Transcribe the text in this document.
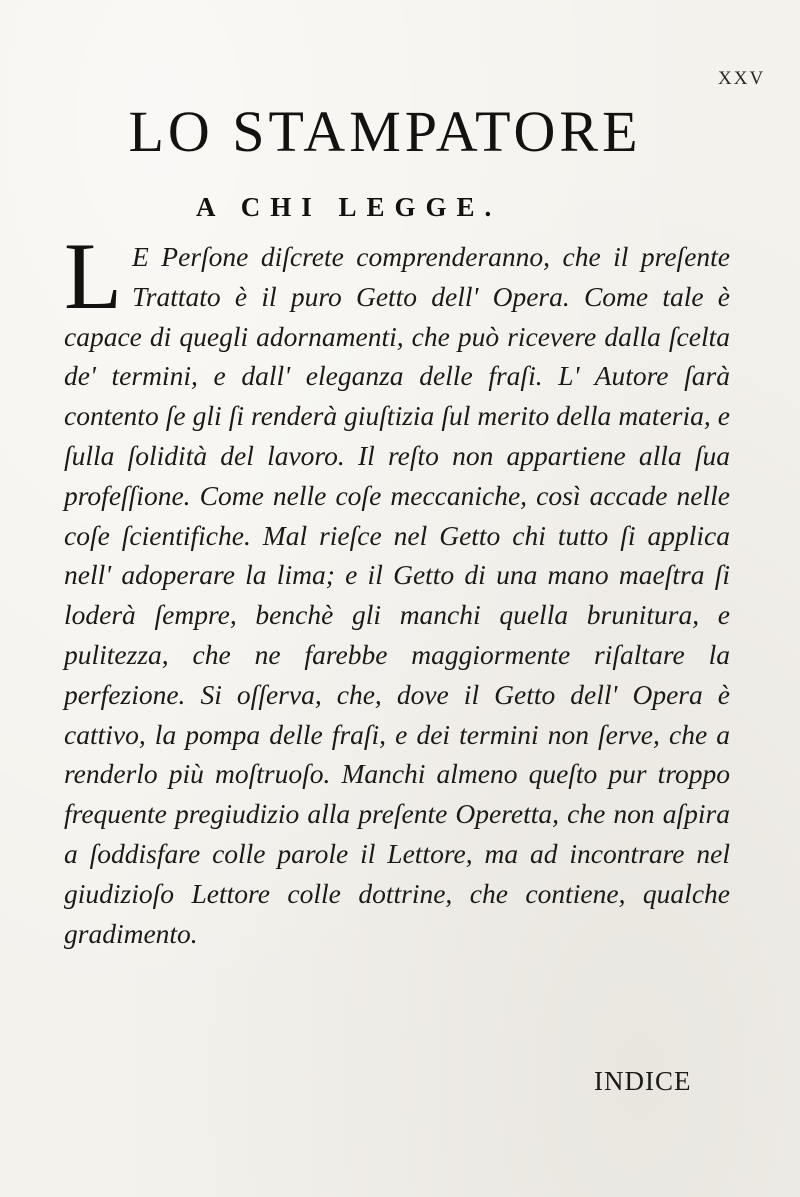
XXV
LO STAMPATORE
A CHI LEGGE.

L E Perſone diſcrete comprenderanno, che il preſente Trattato è il puro Getto dell' Opera. Come tale è capace di quegli adornamenti, che può ricevere dalla ſcelta de' termini, e dall' eleganza delle fraſi. L' Autore ſarà contento ſe gli ſi renderà giuſtizia ſul merito della materia, e ſulla ſolidità del lavoro. Il reſto non appartiene alla ſua profeſſione. Come nelle coſe meccaniche, così accade nelle coſe ſcientifiche. Mal rieſce nel Getto chi tutto ſi applica nell' adoperare la lima; e il Getto di una mano maeſtra ſi loderà ſempre, benchè gli manchi quella brunitura, e pulitezza, che ne farebbe maggiormente riſaltare la perfezione. Si oſſerva, che, dove il Getto dell' Opera è cattivo, la pompa delle fraſi, e dei termini non ſerve, che a renderlo più moſtruoſo. Manchi almeno queſto pur troppo frequente pregiudizio alla preſente Operetta, che non aſpira a ſoddisfare colle parole il Lettore, ma ad incontrare nel giudizioſo Lettore colle dottrine, che contiene, qualche gradimento.

INDICE
